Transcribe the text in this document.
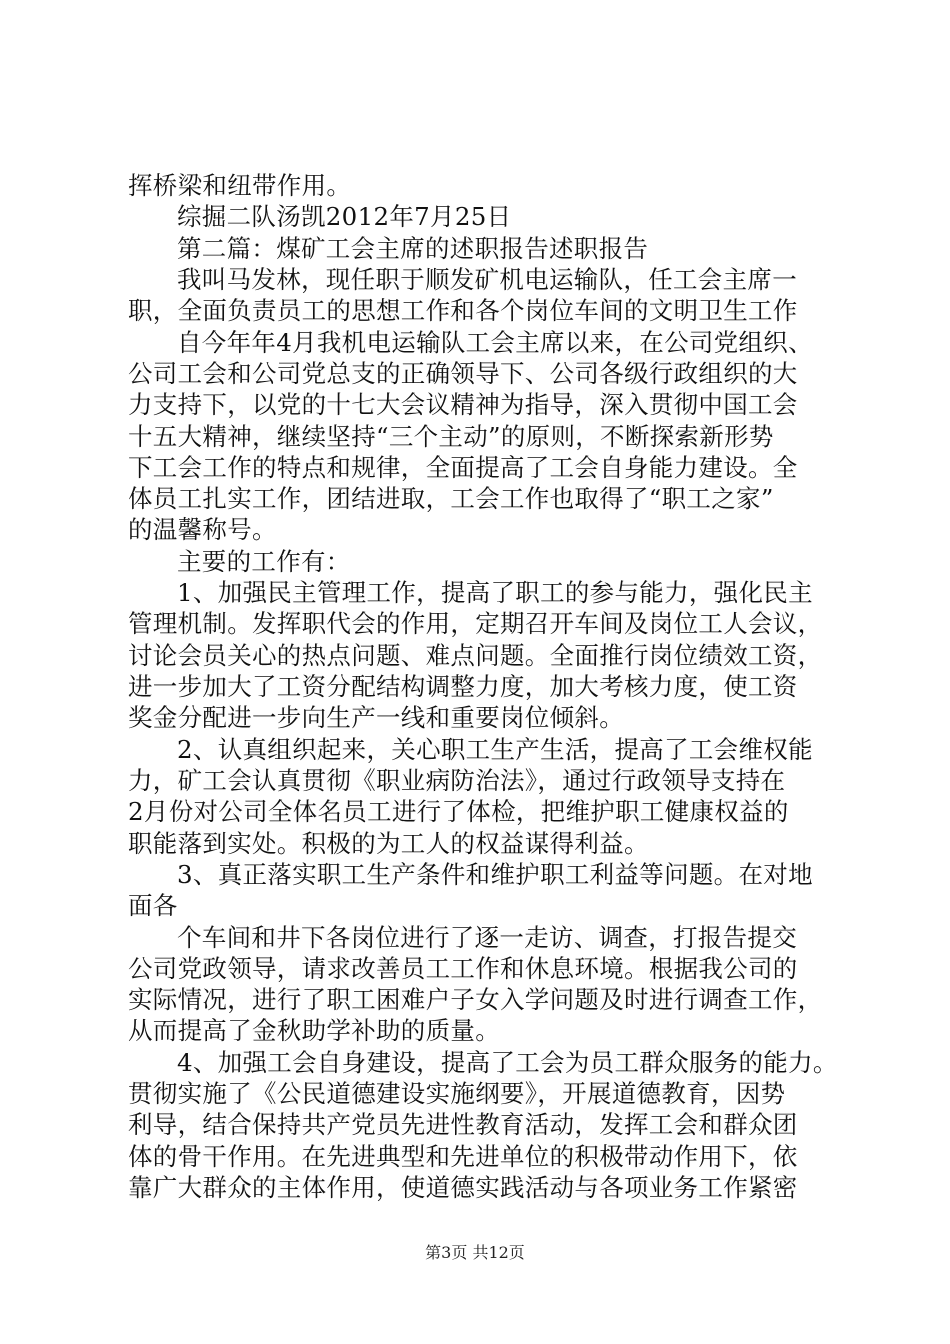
挥桥梁和纽带作用。
综掘二队汤凯2012年7月25日
第二篇：煤矿工会主席的述职报告述职报告
我叫马发林，现任职于顺发矿机电运输队，任工会主席一
职，全面负责员工的思想工作和各个岗位车间的文明卫生工作
自今年年4月我机电运输队工会主席以来，在公司党组织、
公司工会和公司党总支的正确领导下、公司各级行政组织的大
力支持下，以党的十七大会议精神为指导，深入贯彻中国工会
十五大精神，继续坚持“三个主动”的原则，不断探索新形势
下工会工作的特点和规律，全面提高了工会自身能力建设。全
体员工扎实工作，团结进取，工会工作也取得了“职工之家”
的温馨称号。
主要的工作有：
1、加强民主管理工作，提高了职工的参与能力，强化民主
管理机制。发挥职代会的作用，定期召开车间及岗位工人会议，
讨论会员关心的热点问题、难点问题。全面推行岗位绩效工资，
进一步加大了工资分配结构调整力度，加大考核力度，使工资
奖金分配进一步向生产一线和重要岗位倾斜。
2、认真组织起来，关心职工生产生活，提高了工会维权能
力，矿工会认真贯彻《职业病防治法》，通过行政领导支持在
2月份对公司全体名员工进行了体检，把维护职工健康权益的
职能落到实处。积极的为工人的权益谋得利益。
3、真正落实职工生产条件和维护职工利益等问题。在对地
面各
个车间和井下各岗位进行了逐一走访、调查，打报告提交
公司党政领导，请求改善员工工作和休息环境。根据我公司的
实际情况，进行了职工困难户子女入学问题及时进行调查工作，
从而提高了金秋助学补助的质量。
4、加强工会自身建设，提高了工会为员工群众服务的能力。
贯彻实施了《公民道德建设实施纲要》，开展道德教育，因势
利导，结合保持共产党员先进性教育活动，发挥工会和群众团
体的骨干作用。在先进典型和先进单位的积极带动作用下，依
靠广大群众的主体作用，使道德实践活动与各项业务工作紧密
第3页 共12页
